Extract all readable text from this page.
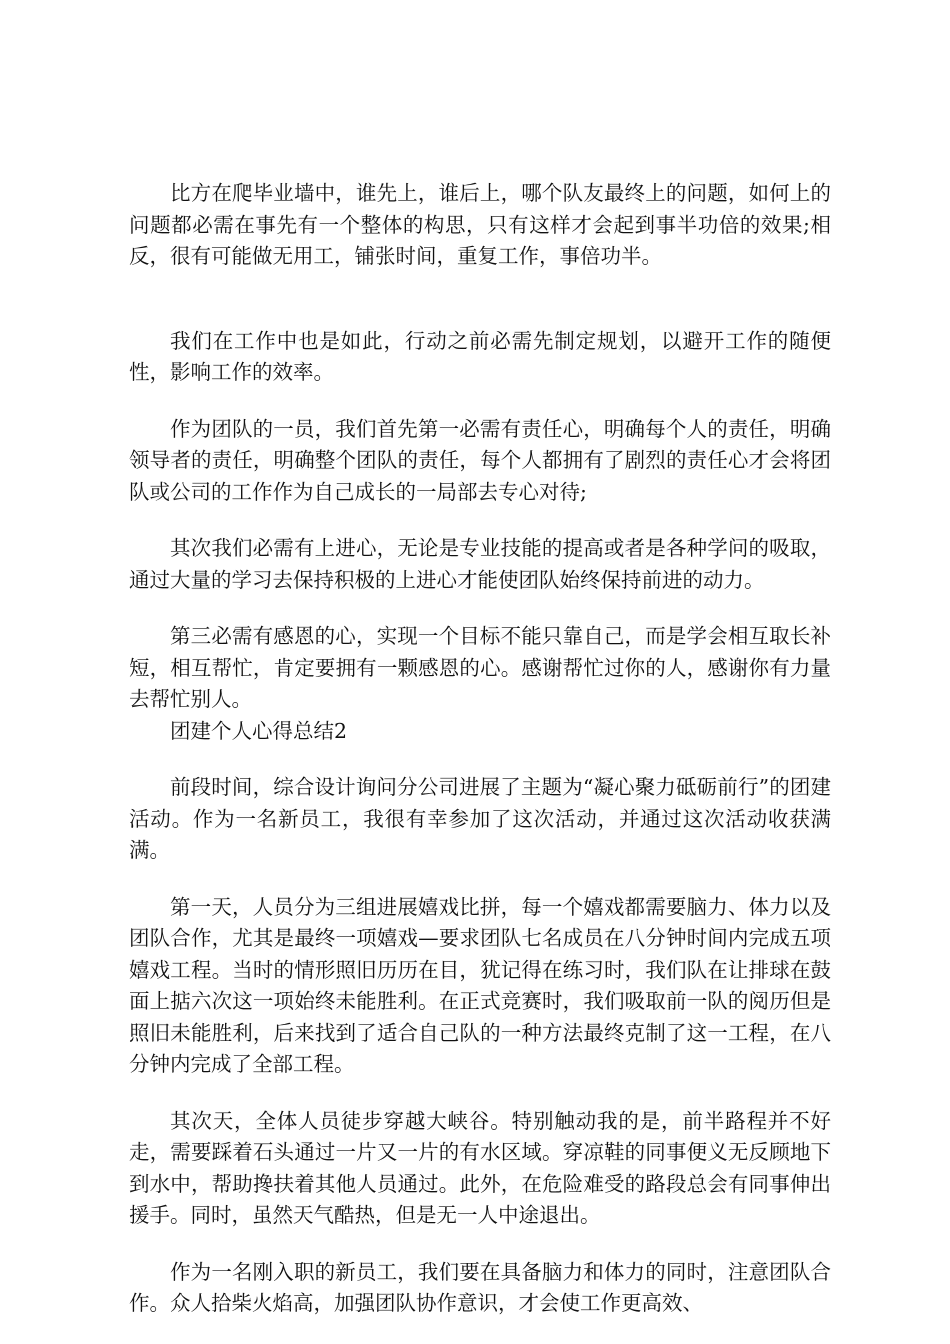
比方在爬毕业墙中，谁先上，谁后上，哪个队友最终上的问题，如何上的问题都必需在事先有一个整体的构思，只有这样才会起到事半功倍的效果;相反，很有可能做无用工，铺张时间，重复工作，事倍功半。

我们在工作中也是如此，行动之前必需先制定规划，以避开工作的随便性，影响工作的效率。

作为团队的一员，我们首先第一必需有责任心，明确每个人的责任，明确领导者的责任，明确整个团队的责任，每个人都拥有了剧烈的责任心才会将团队或公司的工作作为自己成长的一局部去专心对待;

其次我们必需有上进心，无论是专业技能的提高或者是各种学问的吸取，通过大量的学习去保持积极的上进心才能使团队始终保持前进的动力。

第三必需有感恩的心，实现一个目标不能只靠自己，而是学会相互取长补短，相互帮忙，肯定要拥有一颗感恩的心。感谢帮忙过你的人，感谢你有力量去帮忙别人。

团建个人心得总结2

前段时间，综合设计询问分公司进展了主题为“凝心聚力砥砺前行”的团建活动。作为一名新员工，我很有幸参加了这次活动，并通过这次活动收获满满。

第一天，人员分为三组进展嬉戏比拼，每一个嬉戏都需要脑力、体力以及团队合作，尤其是最终一项嬉戏—要求团队七名成员在八分钟时间内完成五项嬉戏工程。当时的情形照旧历历在目，犹记得在练习时，我们队在让排球在鼓面上掂六次这一项始终未能胜利。在正式竞赛时，我们吸取前一队的阅历但是照旧未能胜利，后来找到了适合自己队的一种方法最终克制了这一工程，在八分钟内完成了全部工程。

其次天，全体人员徒步穿越大峡谷。特别触动我的是，前半路程并不好走，需要踩着石头通过一片又一片的有水区域。穿凉鞋的同事便义无反顾地下到水中，帮助搀扶着其他人员通过。此外，在危险难受的路段总会有同事伸出援手。同时，虽然天气酷热，但是无一人中途退出。

作为一名刚入职的新员工，我们要在具备脑力和体力的同时，注意团队合作。众人拾柴火焰高，加强团队协作意识，才会使工作更高效、
